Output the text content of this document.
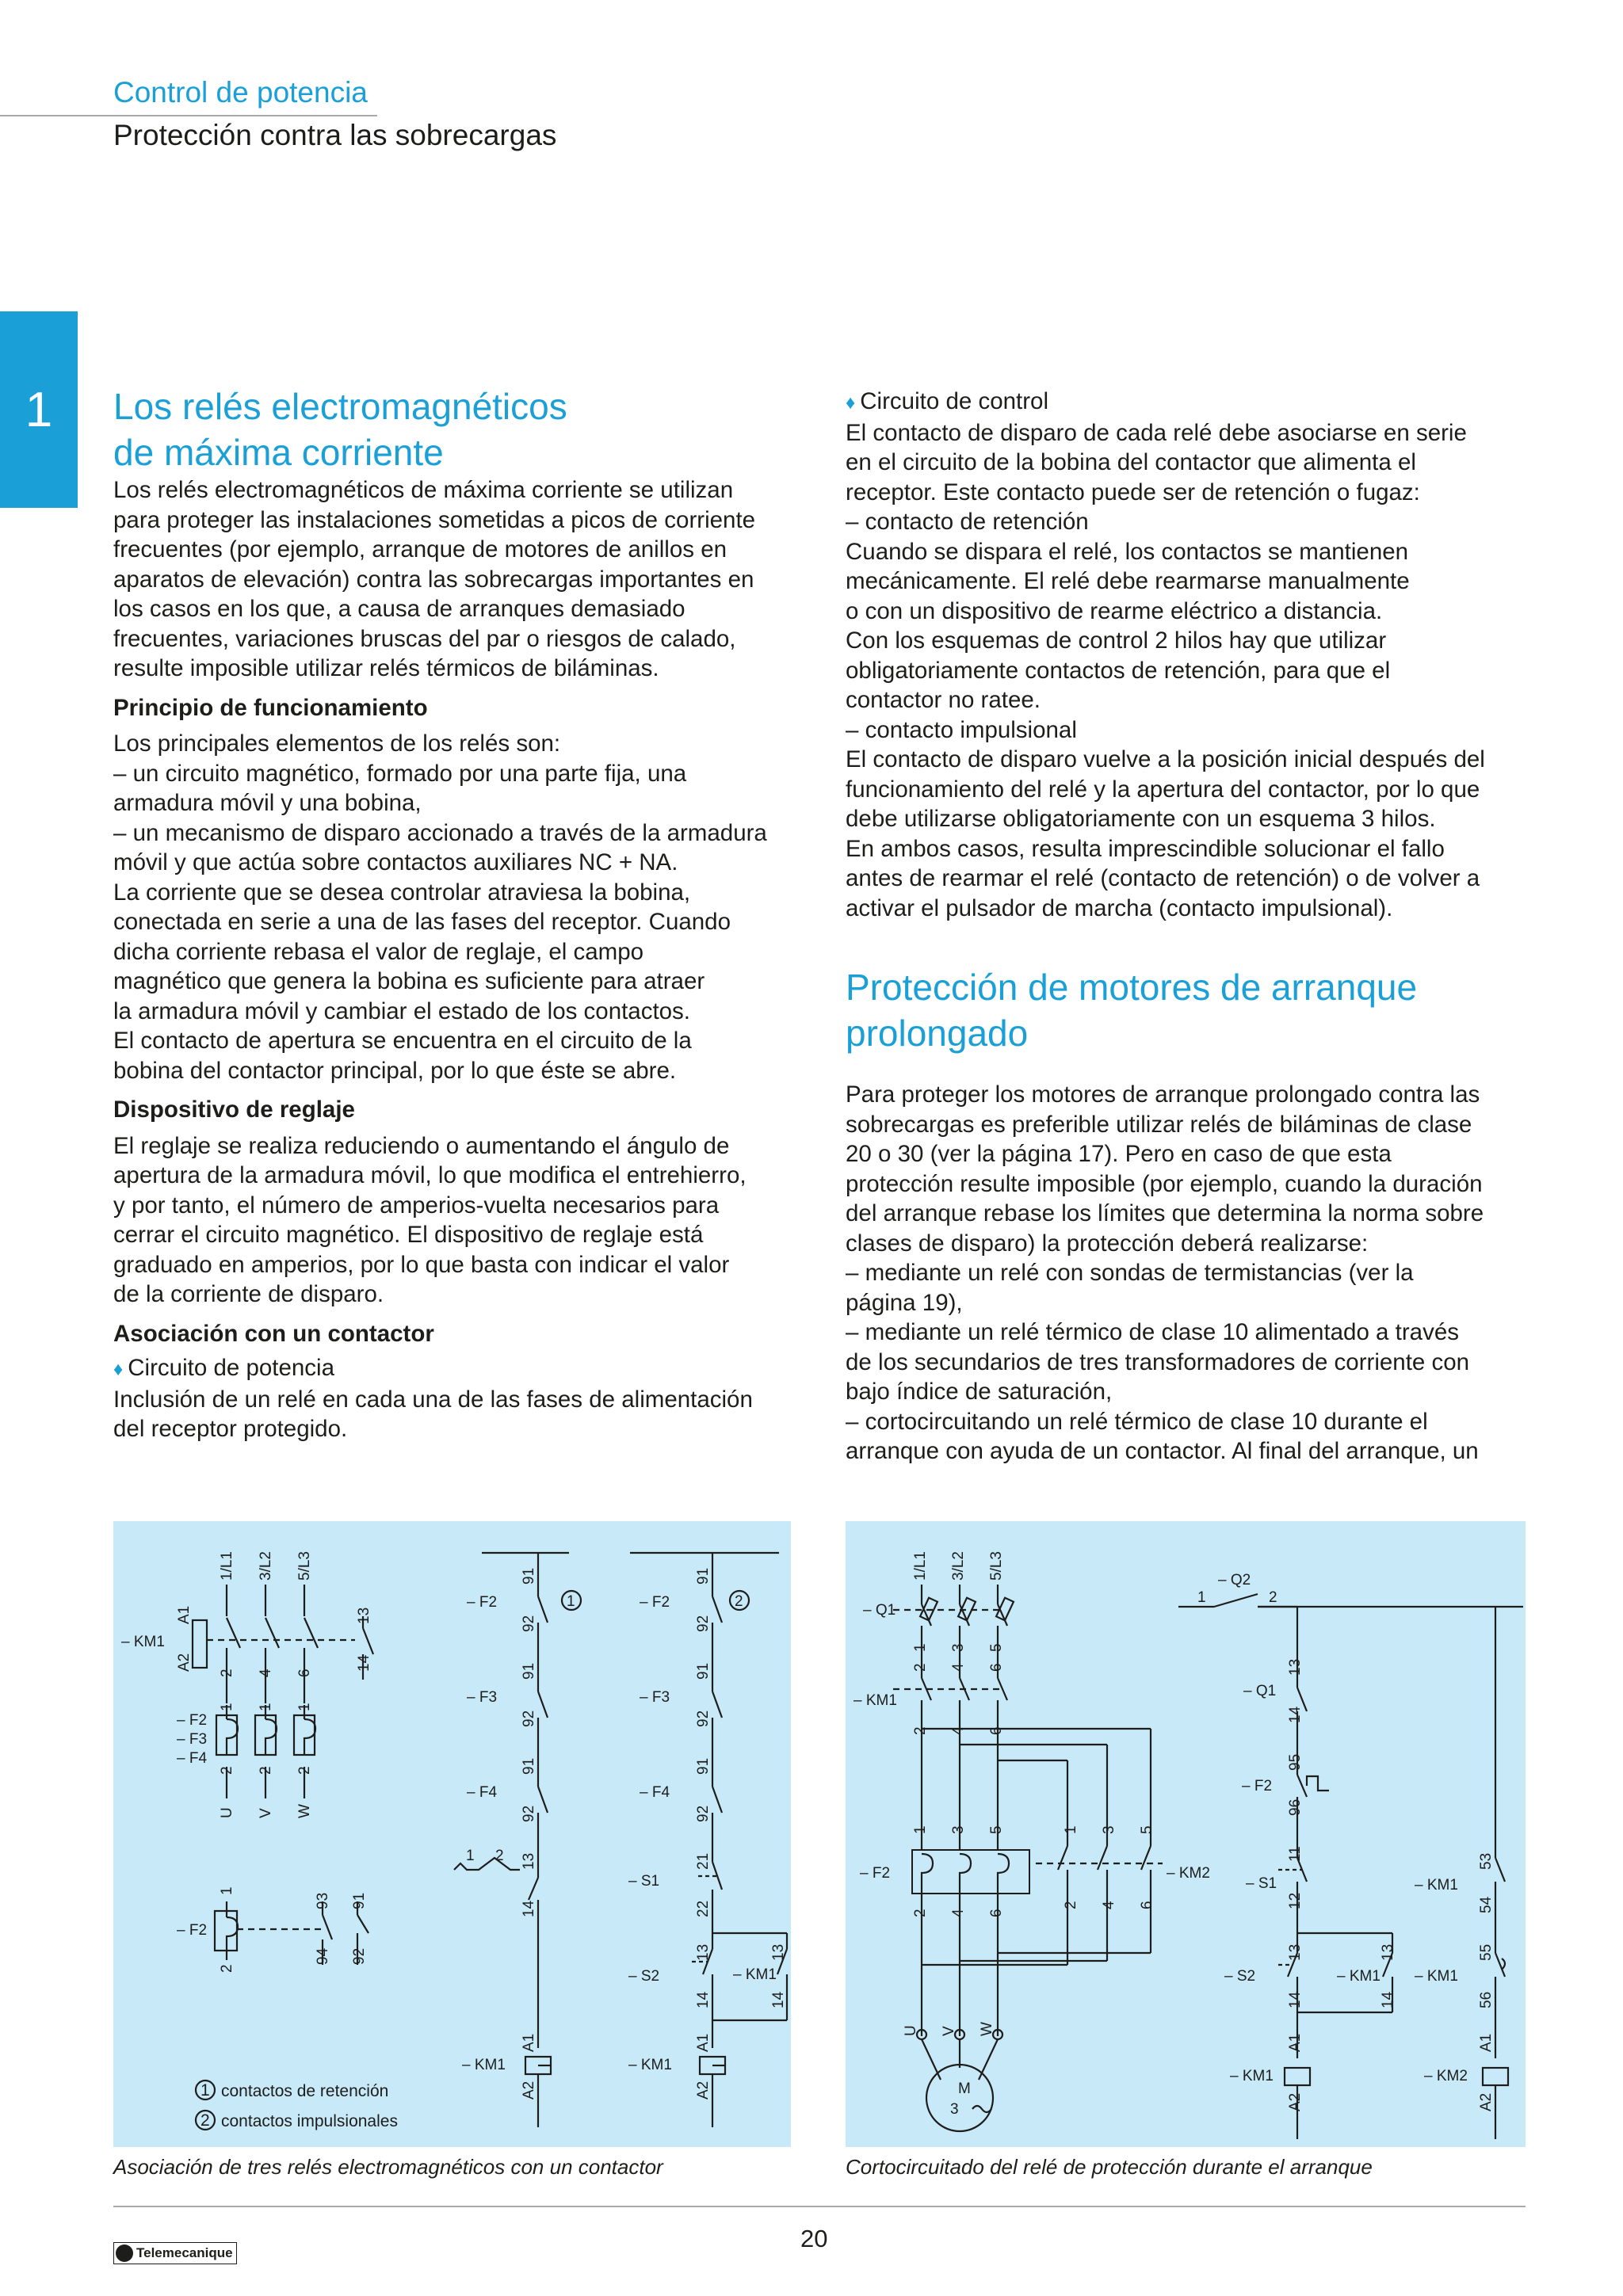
Control de potencia
Protección contra las sobrecargas
1	Los relés electromagnéticos
de máxima corriente

Los relés electromagnéticos de máxima corriente se utilizan

para proteger las instalaciones sometidas a picos de corriente

frecuentes (por ejemplo, arranque de motores de anillos en

aparatos de elevación) contra las sobrecargas importantes en

los casos en los que, a causa de arranques demasiado

frecuentes, variaciones bruscas del par o riesgos de calado,

resulte imposible utilizar relés térmicos de biláminas.

Principio de funcionamiento

Los principales elementos de los relés son:

– un circuito magnético, formado por una parte fija, una

armadura móvil y una bobina,

– un mecanismo de disparo accionado a través de la armadura

móvil y que actúa sobre contactos auxiliares NC + NA.

La corriente que se desea controlar atraviesa la bobina,

conectada en serie a una de las fases del receptor. Cuando

dicha corriente rebasa el valor de reglaje, el campo

magnético que genera la bobina es suficiente para atraer

la armadura móvil y cambiar el estado de los contactos.

El contacto de apertura se encuentra en el circuito de la

bobina del contactor principal, por lo que éste se abre.

Dispositivo de reglaje

El reglaje se realiza reduciendo o aumentando el ángulo de

apertura de la armadura móvil, lo que modifica el entrehierro,

y por tanto, el número de amperios-vuelta necesarios para

cerrar el circuito magnético. El dispositivo de reglaje está

graduado en amperios, por lo que basta con indicar el valor

de la corriente de disparo.

Asociación con un contactor

♦ Circuito de potencia

Inclusión de un relé en cada una de las fases de alimentación

del receptor protegido.

♦ Circuito de control

El contacto de disparo de cada relé debe asociarse en serie

en el circuito de la bobina del contactor que alimenta el

receptor. Este contacto puede ser de retención o fugaz:

– contacto de retención

Cuando se dispara el relé, los contactos se mantienen

mecánicamente. El relé debe rearmarse manualmente

o con un dispositivo de rearme eléctrico a distancia.

Con los esquemas de control 2 hilos hay que utilizar

obligatoriamente contactos de retención, para que el

contactor no ratee.

– contacto impulsional

El contacto de disparo vuelve a la posición inicial después del

funcionamiento del relé y la apertura del contactor, por lo que

debe utilizarse obligatoriamente con un esquema 3 hilos.

En ambos casos, resulta imprescindible solucionar el fallo

antes de rearmar el relé (contacto de retención) o de volver a

activar el pulsador de marcha (contacto impulsional).

Protección de motores de arranque
prolongado

Para proteger los motores de arranque prolongado contra las

sobrecargas es preferible utilizar relés de biláminas de clase

20 o 30 (ver la página 17). Pero en caso de que esta

protección resulte imposible (por ejemplo, cuando la duración

del arranque rebase los límites que determina la norma sobre

clases de disparo) la protección deberá realizarse:

– mediante un relé con sondas de termistancias (ver la

página 19),

– mediante un relé térmico de clase 10 alimentado a través

de los secundarios de tres transformadores de corriente con

bajo índice de saturación,

– cortocircuitando un relé térmico de clase 10 durante el

arranque con ayuda de un contactor. Al final del arranque, un

1/L1 3/L2 5/L3
– KM1
A1
A2
2 4 6
13
14
– F2
– F3
– F4
1 1 1
2 2 2
U V W
– F2
1
2
93
94
91
92
– F2
– F3
– F4
– KM1
91
92
91
92
91
92
1 2 13
14
A1
A2
1	– F2
– F3
– F4
– S1
– S2	– KM1
– KM1
91
92
91
92
91
92
21
22
13
14
13
14
A1
A2
2
1
2
contactos de retención
contactos impulsionales
Asociación de tres relés electromagnéticos con un contactor
1/L1 3/L2 5/L3
– Q1
– KM1
– F2	– KM2
M
3
U V W
1
2
3
4
5
6
2 4 6
1 3 5
2 4 6
1 3 5
2 4 6
– Q2
1	2
– Q1
13
14
– F2
95
96
– S1
11
12
– S2
13
14
– KM1
13
14
– KM1
A1
A2
– KM1
53
54
– KM1
55
56
– KM2
A1
A2
Cortocircuitado del relé de protección durante el arranque
20
Telemecanique
